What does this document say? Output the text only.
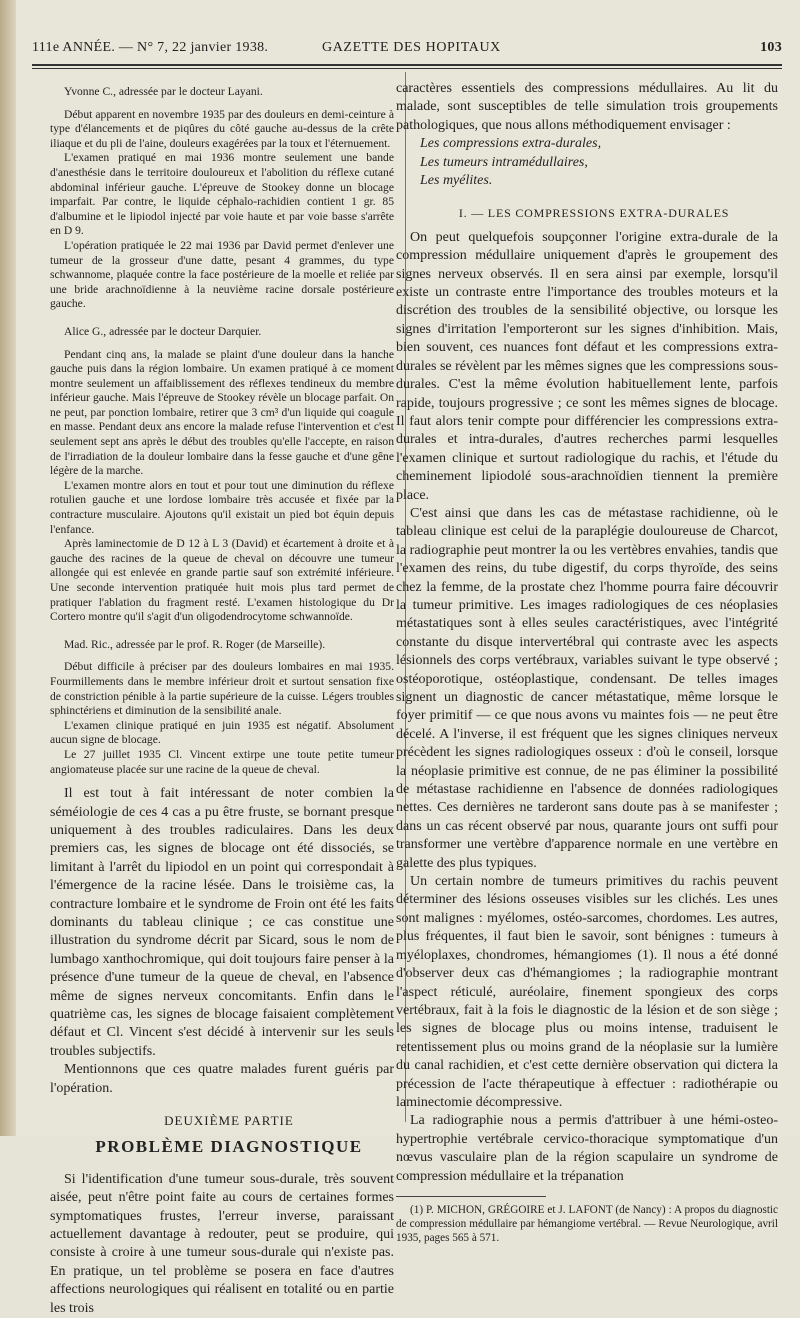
111e ANNÉE. — N° 7, 22 janvier 1938.	GAZETTE DES HOPITAUX	103

Yvonne C., adressée par le docteur Layani.

Début apparent en novembre 1935 par des douleurs en demi-ceinture à type d'élancements et de piqûres du côté gauche au-dessus de la crête iliaque et du pli de l'aine, douleurs exagérées par la toux et l'éternuement.

L'examen pratiqué en mai 1936 montre seulement une bande d'anesthésie dans le territoire douloureux et l'abolition du réflexe cutané abdominal inférieur gauche. L'épreuve de Stookey donne un blocage imparfait. Par contre, le liquide céphalo-rachidien contient 1 gr. 85 d'albumine et le lipiodol injecté par voie haute et par voie basse s'arrête en D 9.

L'opération pratiquée le 22 mai 1936 par David permet d'enlever une tumeur de la grosseur d'une datte, pesant 4 grammes, du type schwannome, plaquée contre la face postérieure de la moelle et reliée par une bride arachnoïdienne à la neuvième racine dorsale postérieure gauche.

Alice G., adressée par le docteur Darquier.

Pendant cinq ans, la malade se plaint d'une douleur dans la hanche gauche puis dans la région lombaire. Un examen pratiqué à ce moment montre seulement un affaiblissement des réflexes tendineux du membre inférieur gauche. Mais l'épreuve de Stookey révèle un blocage parfait. On ne peut, par ponction lombaire, retirer que 3 cm³ d'un liquide qui coagule en masse. Pendant deux ans encore la malade refuse l'intervention et c'est seulement sept ans après le début des troubles qu'elle l'accepte, en raison de l'irradiation de la douleur lombaire dans la fesse gauche et d'une gêne légère de la marche.

L'examen montre alors en tout et pour tout une diminution du réflexe rotulien gauche et une lordose lombaire très accusée et fixée par la contracture musculaire. Ajoutons qu'il existait un pied bot équin depuis l'enfance.

Après laminectomie de D 12 à L 3 (David) et écartement à droite et à gauche des racines de la queue de cheval on découvre une tumeur allongée qui est enlevée en grande partie sauf son extrémité inférieure. Une seconde intervention pratiquée huit mois plus tard permet de pratiquer l'ablation du fragment resté. L'examen histologique du Dr Cortero montre qu'il s'agit d'un oligodendrocytome schwannoïde.

Mad. Ric., adressée par le prof. R. Roger (de Marseille).

Début difficile à préciser par des douleurs lombaires en mai 1935. Fourmillements dans le membre inférieur droit et surtout sensation fixe de constriction pénible à la partie supérieure de la cuisse. Légers troubles sphinctériens et diminution de la sensibilité anale.

L'examen clinique pratiqué en juin 1935 est négatif. Absolument aucun signe de blocage.

Le 27 juillet 1935 Cl. Vincent extirpe une toute petite tumeur angiomateuse placée sur une racine de la queue de cheval.

Il est tout à fait intéressant de noter combien la séméiologie de ces 4 cas a pu être fruste, se bornant presque uniquement à des troubles radiculaires. Dans les deux premiers cas, les signes de blocage ont été dissociés, se limitant à l'arrêt du lipiodol en un point qui correspondait à l'émergence de la racine lésée. Dans le troisième cas, la contracture lombaire et le syndrome de Froin ont été les faits dominants du tableau clinique ; ce cas constitue une illustration du syndrome décrit par Sicard, sous le nom de lumbago xanthochromique, qui doit toujours faire penser à la présence d'une tumeur de la queue de cheval, en l'absence même de signes nerveux concomitants. Enfin dans le quatrième cas, les signes de blocage faisaient complètement défaut et Cl. Vincent s'est décidé à intervenir sur les seuls troubles subjectifs.

Mentionnons que ces quatre malades furent guéris par l'opération.

DEUXIÈME PARTIE

PROBLÈME DIAGNOSTIQUE

Si l'identification d'une tumeur sous-durale, très souvent aisée, peut n'être point faite au cours de certaines formes symptomatiques frustes, l'erreur inverse, paraissant actuellement davantage à redouter, peut se produire, qui consiste à croire à une tumeur sous-durale qui n'existe pas. En pratique, un tel problème se posera en face d'autres affections neurologiques qui réalisent en totalité ou en partie les trois

caractères essentiels des compressions médullaires. Au lit du malade, sont susceptibles de telle simulation trois groupements pathologiques, que nous allons méthodiquement envisager :

Les compressions extra-durales,

Les tumeurs intramédullaires,

Les myélites.

I. — LES COMPRESSIONS EXTRA-DURALES

On peut quelquefois soupçonner l'origine extra-durale de la compression médullaire uniquement d'après le groupement des signes nerveux observés. Il en sera ainsi par exemple, lorsqu'il existe un contraste entre l'importance des troubles moteurs et la discrétion des troubles de la sensibilité objective, ou lorsque les signes d'irritation l'emporteront sur les signes d'inhibition. Mais, bien souvent, ces nuances font défaut et les compressions extra-durales se révèlent par les mêmes signes que les compressions sous-durales. C'est la même évolution habituellement lente, parfois rapide, toujours progressive ; ce sont les mêmes signes de blocage. Il faut alors tenir compte pour différencier les compressions extra-durales et intra-durales, d'autres recherches parmi lesquelles l'examen clinique et surtout radiologique du rachis, et l'étude du cheminement lipiodolé sous-arachnoïdien tiennent la première place.

C'est ainsi que dans les cas de métastase rachidienne, où le tableau clinique est celui de la paraplégie douloureuse de Charcot, la radiographie peut montrer la ou les vertèbres envahies, tandis que l'examen des reins, du tube digestif, du corps thyroïde, des seins chez la femme, de la prostate chez l'homme pourra faire découvrir la tumeur primitive. Les images radiologiques de ces néoplasies métastatiques sont à elles seules caractéristiques, avec l'intégrité constante du disque intervertébral qui contraste avec les aspects lésionnels des corps vertébraux, variables suivant le type observé ; ostéoporotique, ostéoplastique, condensant. De telles images signent un diagnostic de cancer métastatique, même lorsque le foyer primitif — ce que nous avons vu maintes fois — ne peut être décelé. A l'inverse, il est fréquent que les signes cliniques nerveux précèdent les signes radiologiques osseux : d'où le conseil, lorsque la néoplasie primitive est connue, de ne pas éliminer la possibilité de métastase rachidienne en l'absence de données radiologiques nettes. Ces dernières ne tarderont sans doute pas à se manifester ; dans un cas récent observé par nous, quarante jours ont suffi pour transformer une vertèbre d'apparence normale en une vertèbre en galette des plus typiques.

Un certain nombre de tumeurs primitives du rachis peuvent déterminer des lésions osseuses visibles sur les clichés. Les unes sont malignes : myélomes, ostéo-sarcomes, chordomes. Les autres, plus fréquentes, il faut bien le savoir, sont bénignes : tumeurs à myéloplaxes, chondromes, hémangiomes (1). Il nous a été donné d'observer deux cas d'hémangiomes ; la radiographie montrant l'aspect réticulé, auréolaire, finement spongieux des corps vertébraux, fait à la fois le diagnostic de la lésion et de son siège ; les signes de blocage plus ou moins intense, traduisent le retentissement plus ou moins grand de la néoplasie sur la lumière du canal rachidien, et c'est cette dernière observation qui dictera la précession de l'acte thérapeutique à effectuer : radiothérapie ou laminectomie décompressive.

La radiographie nous a permis d'attribuer à une hémi-osteo-hypertrophie vertébrale cervico-thoracique symptomatique d'un nœvus vasculaire plan de la région scapulaire un syndrome de compression médullaire et la trépanation

(1) P. MICHON, GRÉGOIRE et J. LAFONT (de Nancy) : A propos du diagnostic de compression médullaire par hémangiome vertébral. — Revue Neurologique, avril 1935, pages 565 à 571.
